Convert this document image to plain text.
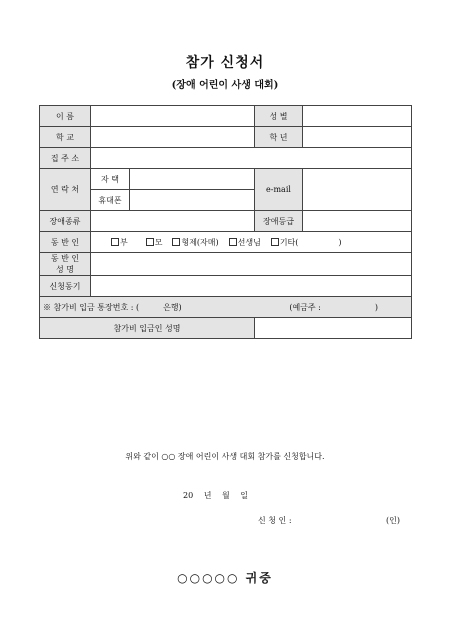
참가 신청서
(장애 어린이 사생 대회)
이 름			성 별	
학 교			학 년	
집 주 소				
연 락 처	자 택		e-mail	
	휴대폰			
장애종류			장애등급	
동 반 인	부 모 형제(자매) 선생님 기타( )			

동 반 인
성 명				

신청동기				

※ 참가비 입금 통장번호 : ( 은행) (예금주 : )				

참가비 입금인 성명				
위와 같이 ○○ 장애 어린이 사생 대회 참가를 신청합니다.
20 년 월 일
신 청 인 :	(인)
○○○○○ 귀중
